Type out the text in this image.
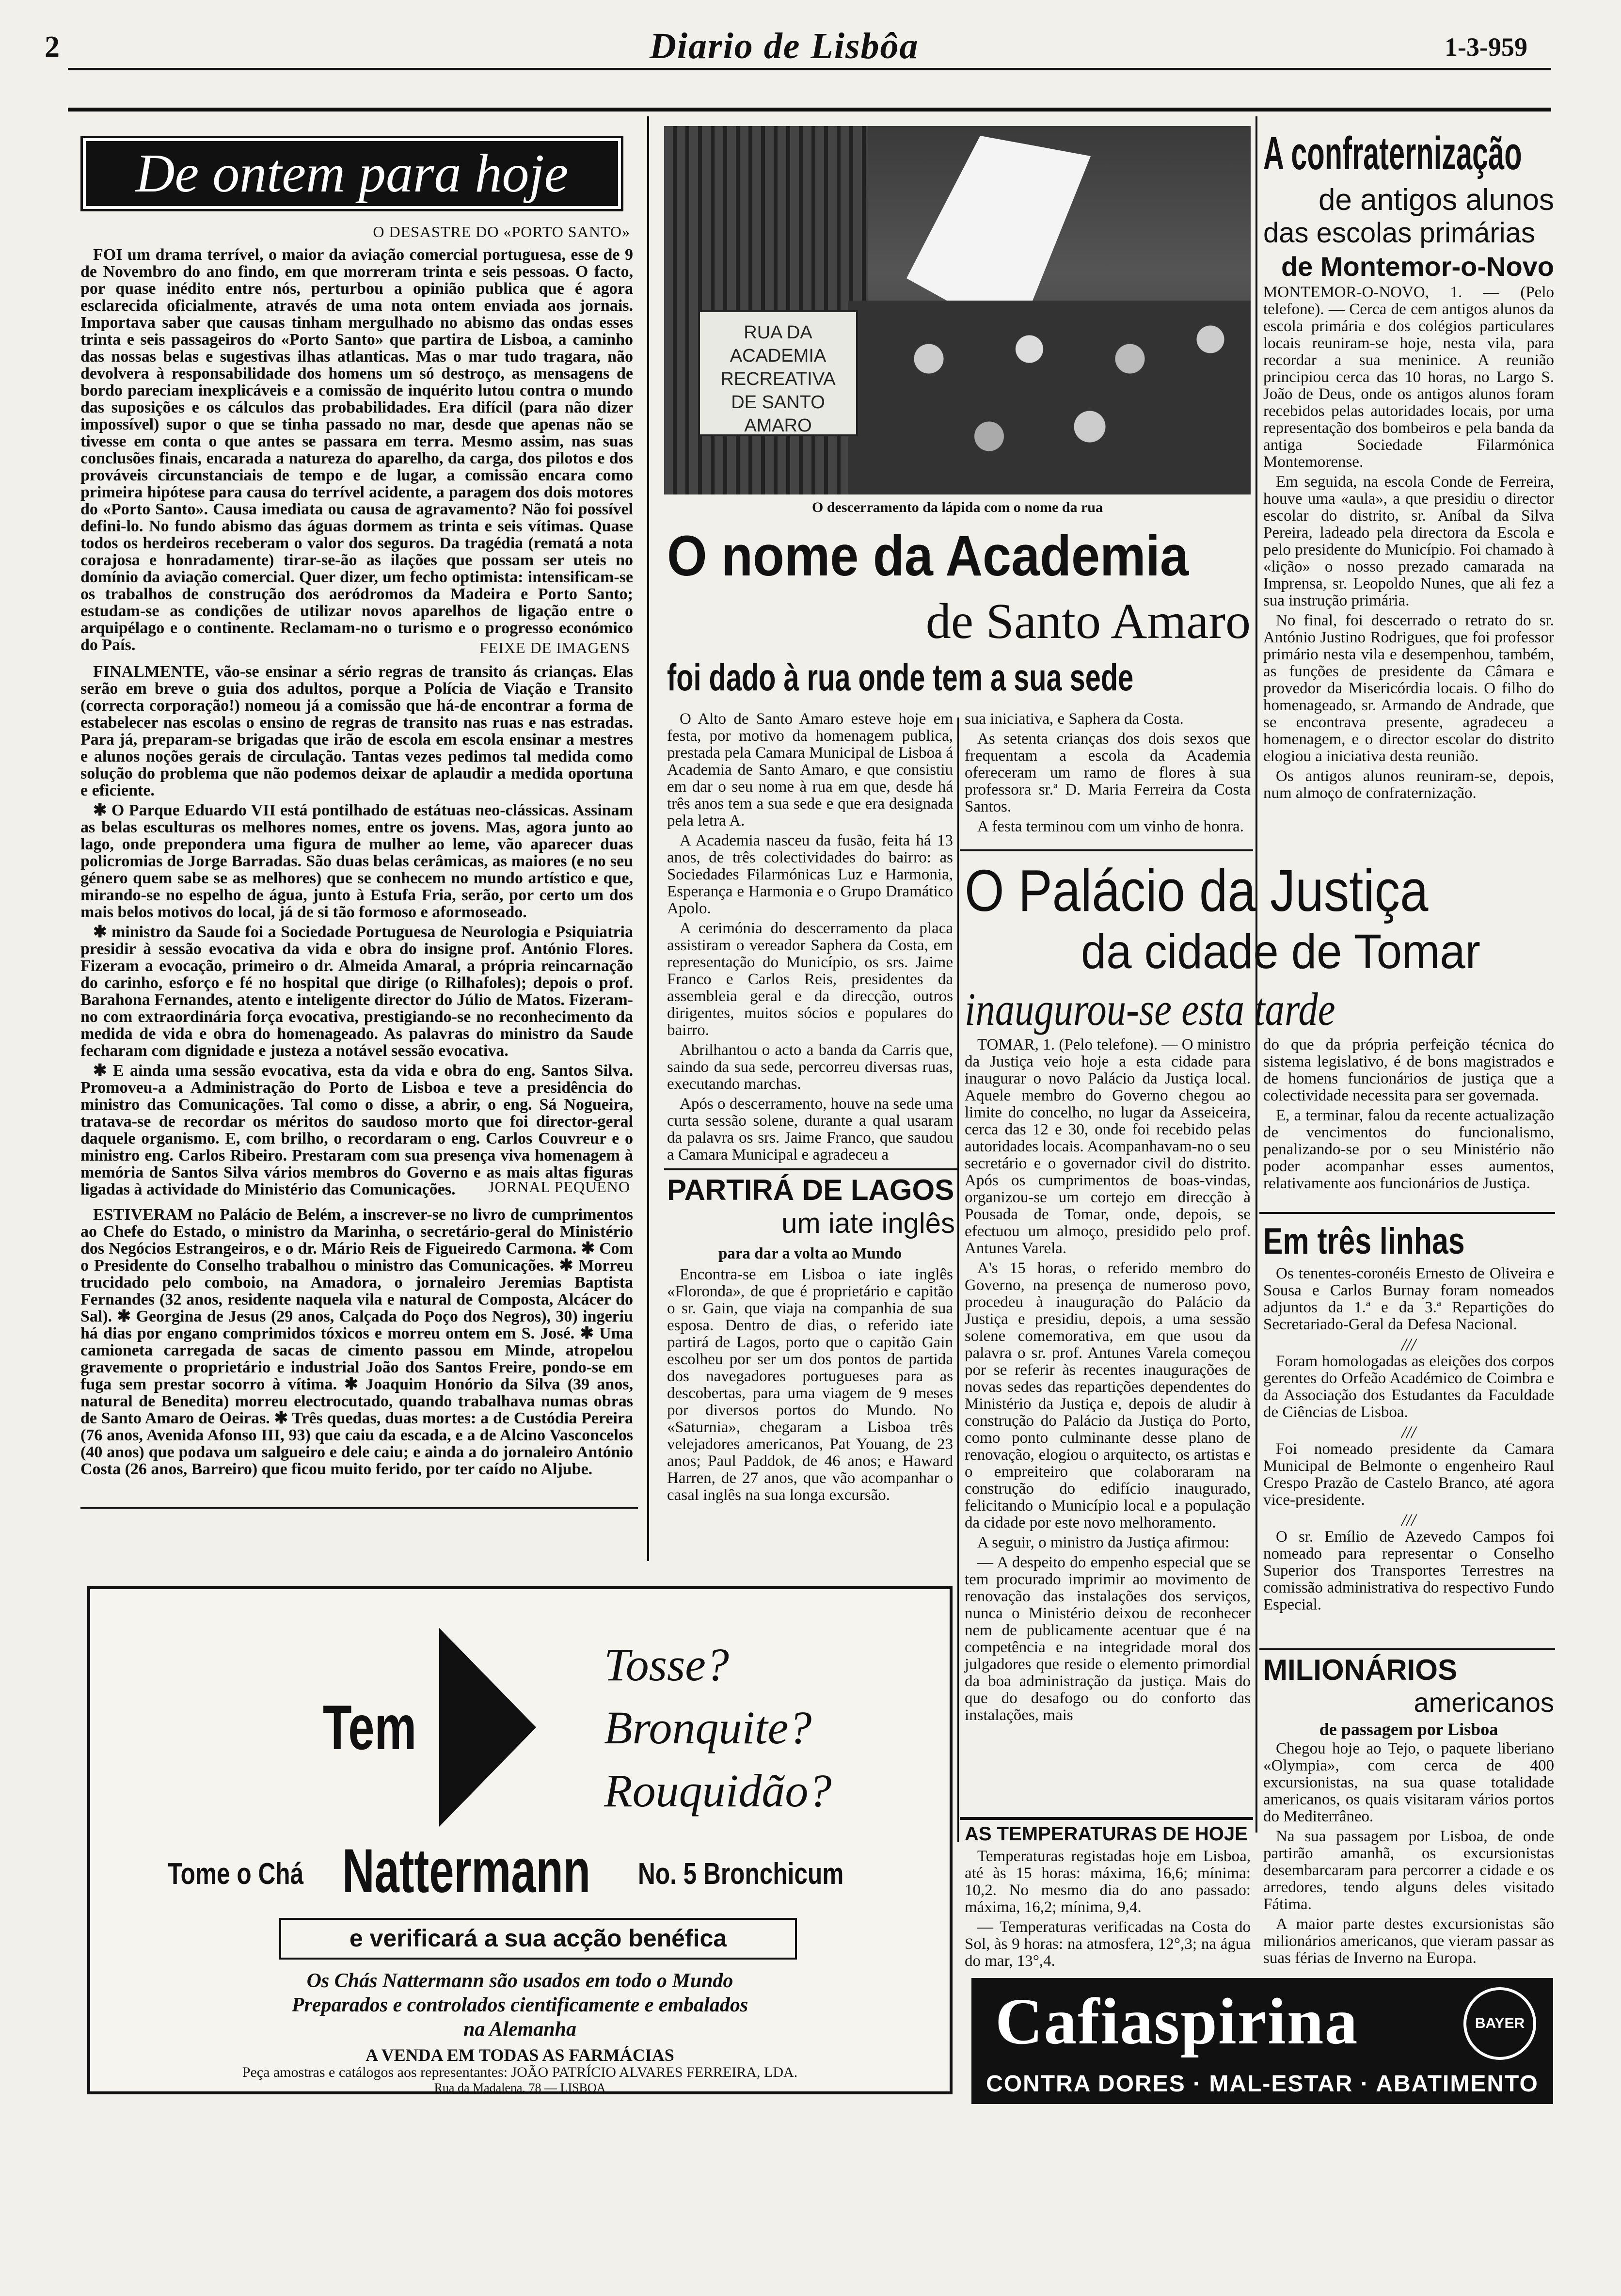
2	Diario de Lisbôa	1-3-959
De ontem para hoje
O DESASTRE DO «PORTO SANTO»

FOI um drama terrível, o maior da aviação comercial portuguesa, esse de 9 de Novembro do ano findo, em que morreram trinta e seis pessoas. O facto, por quase inédito entre nós, perturbou a opinião publica que é agora esclarecida oficialmente, através de uma nota ontem enviada aos jornais. Importava saber que causas tinham mergulhado no abismo das ondas esses trinta e seis passageiros do «Porto Santo» que partira de Lisboa, a caminho das nossas belas e sugestivas ilhas atlanticas. Mas o mar tudo tragara, não devolvera à responsabilidade dos homens um só destroço, as mensagens de bordo pareciam inexplicáveis e a comissão de inquérito lutou contra o mundo das suposições e os cálculos das probabilidades. Era difícil (para não dizer impossível) supor o que se tinha passado no mar, desde que apenas não se tivesse em conta o que antes se passara em terra. Mesmo assim, nas suas conclusões finais, encarada a natureza do aparelho, da carga, dos pilotos e dos prováveis circunstanciais de tempo e de lugar, a comissão encara como primeira hipótese para causa do terrível acidente, a paragem dos dois motores do «Porto Santo». Causa imediata ou causa de agravamento? Não foi possível defini-lo. No fundo abismo das águas dormem as trinta e seis vítimas. Quase todos os herdeiros receberam o valor dos seguros. Da tragédia (rematá a nota corajosa e honradamente) tirar-se-ão as ilações que possam ser uteis no domínio da aviação comercial. Quer dizer, um fecho optimista: intensificam-se os trabalhos de construção dos aeródromos da Madeira e Porto Santo; estudam-se as condições de utilizar novos aparelhos de ligação entre o arquipélago e o continente. Reclamam-no o turismo e o progresso económico do País.	FEIXE DE IMAGENS

FINALMENTE, vão-se ensinar a sério regras de transito ás crianças. Elas serão em breve o guia dos adultos, porque a Polícia de Viação e Transito (correcta corporação!) nomeou já a comissão que há-de encontrar a forma de estabelecer nas escolas o ensino de regras de transito nas ruas e nas estradas. Para já, preparam-se brigadas que irão de escola em escola ensinar a mestres e alunos noções gerais de circulação. Tantas vezes pedimos tal medida como solução do problema que não podemos deixar de aplaudir a medida oportuna e eficiente.

✱ O Parque Eduardo VII está pontilhado de estátuas neo-clássicas. Assinam as belas esculturas os melhores nomes, entre os jovens. Mas, agora junto ao lago, onde prepondera uma figura de mulher ao leme, vão aparecer duas policromias de Jorge Barradas. São duas belas cerâmicas, as maiores (e no seu género quem sabe se as melhores) que se conhecem no mundo artístico e que, mirando-se no espelho de água, junto à Estufa Fria, serão, por certo um dos mais belos motivos do local, já de si tão formoso e aformoseado.

✱ ministro da Saude foi a Sociedade Portuguesa de Neurologia e Psiquiatria presidir à sessão evocativa da vida e obra do insigne prof. António Flores. Fizeram a evocação, primeiro o dr. Almeida Amaral, a própria reincarnação do carinho, esforço e fé no hospital que dirige (o Rilhafoles); depois o prof. Barahona Fernandes, atento e inteligente director do Júlio de Matos. Fizeram-no com extraordinária força evocativa, prestigiando-se no reconhecimento da medida de vida e obra do homenageado. As palavras do ministro da Saude fecharam com dignidade e justeza a notável sessão evocativa.

✱ E ainda uma sessão evocativa, esta da vida e obra do eng. Santos Silva. Promoveu-a a Administração do Porto de Lisboa e teve a presidência do ministro das Comunicações. Tal como o disse, a abrir, o eng. Sá Nogueira, tratava-se de recordar os méritos do saudoso morto que foi director-geral daquele organismo. E, com brilho, o recordaram o eng. Carlos Couvreur e o ministro eng. Carlos Ribeiro. Prestaram com sua presença viva homenagem à memória de Santos Silva vários membros do Governo e as mais altas figuras ligadas à actividade do Ministério das Comunicações.	JORNAL PEQUENO

ESTIVERAM no Palácio de Belém, a inscrever-se no livro de cumprimentos ao Chefe do Estado, o ministro da Marinha, o secretário-geral do Ministério dos Negócios Estrangeiros, e o dr. Mário Reis de Figueiredo Carmona. ✱ Com o Presidente do Conselho trabalhou o ministro das Comunicações. ✱ Morreu trucidado pelo comboio, na Amadora, o jornaleiro Jeremias Baptista Fernandes (32 anos, residente naquela vila e natural de Composta, Alcácer do Sal). ✱ Georgina de Jesus (29 anos, Calçada do Poço dos Negros), 30) ingeriu há dias por engano comprimidos tóxicos e morreu ontem em S. José. ✱ Uma camioneta carregada de sacas de cimento passou em Minde, atropelou gravemente o proprietário e industrial João dos Santos Freire, pondo-se em fuga sem prestar socorro à vítima. ✱ Joaquim Honório da Silva (39 anos, natural de Benedita) morreu electrocutado, quando trabalhava numas obras de Santo Amaro de Oeiras. ✱ Três quedas, duas mortes: a de Custódia Pereira (76 anos, Avenida Afonso III, 93) que caiu da escada, e a de Alcino Vasconcelos (40 anos) que podava um salgueiro e dele caiu; e ainda a do jornaleiro António Costa (26 anos, Barreiro) que ficou muito ferido, por ter caído no Aljube.

RUA DA ACADEMIA RECREATIVA DE SANTO AMARO
O descerramento da lápida com o nome da rua
O nome da Academia
de Santo Amaro
foi dado à rua onde tem a sua sede

O Alto de Santo Amaro esteve hoje em festa, por motivo da homenagem publica, prestada pela Camara Municipal de Lisboa á Academia de Santo Amaro, e que consistiu em dar o seu nome à rua em que, desde há três anos tem a sua sede e que era designada pela letra A.

A Academia nasceu da fusão, feita há 13 anos, de três colectividades do bairro: as Sociedades Filarmónicas Luz e Harmonia, Esperança e Harmonia e o Grupo Dramático Apolo.

A cerimónia do descerramento da placa assistiram o vereador Saphera da Costa, em representação do Município, os srs. Jaime Franco e Carlos Reis, presidentes da assembleia geral e da direcção, outros dirigentes, muitos sócios e populares do bairro.

Abrilhantou o acto a banda da Carris que, saindo da sua sede, percorreu diversas ruas, executando marchas.

Após o descerramento, houve na sede uma curta sessão solene, durante a qual usaram da palavra os srs. Jaime Franco, que saudou a Camara Municipal e agradeceu a

sua iniciativa, e Saphera da Costa.

As setenta crianças dos dois sexos que frequentam a escola da Academia ofereceram um ramo de flores à sua professora sr.ª D. Maria Ferreira da Costa Santos.

A festa terminou com um vinho de honra.

O Palácio da Justiça
da cidade de Tomar
inaugurou-se esta tarde

TOMAR, 1. (Pelo telefone). — O ministro da Justiça veio hoje a esta cidade para inaugurar o novo Palácio da Justiça local. Aquele membro do Governo chegou ao limite do concelho, no lugar da Asseiceira, cerca das 12 e 30, onde foi recebido pelas autoridades locais. Acompanhavam-no o seu secretário e o governador civil do distrito. Após os cumprimentos de boas-vindas, organizou-se um cortejo em direcção à Pousada de Tomar, onde, depois, se efectuou um almoço, presidido pelo prof. Antunes Varela.

A's 15 horas, o referido membro do Governo, na presença de numeroso povo, procedeu à inauguração do Palácio da Justiça e presidiu, depois, a uma sessão solene comemorativa, em que usou da palavra o sr. prof. Antunes Varela começou por se referir às recentes inaugurações de novas sedes das repartições dependentes do Ministério da Justiça e, depois de aludir à construção do Palácio da Justiça do Porto, como ponto culminante desse plano de renovação, elogiou o arquitecto, os artistas e o empreiteiro que colaboraram na construção do edifício inaugurado, felicitando o Município local e a população da cidade por este novo melhoramento.

A seguir, o ministro da Justiça afirmou:

— A despeito do empenho especial que se tem procurado imprimir ao movimento de renovação das instalações dos serviços, nunca o Ministério deixou de reconhecer nem de publicamente acentuar que é na competência e na integridade moral dos julgadores que reside o elemento primordial da boa administração da justiça. Mais do que do desafogo ou do conforto das instalações, mais

do que da própria perfeição técnica do sistema legislativo, é de bons magistrados e de homens funcionários de justiça que a colectividade necessita para ser governada.

E, a terminar, falou da recente actualização de vencimentos do funcionalismo, penalizando-se por o seu Ministério não poder acompanhar esses aumentos, relativamente aos funcionários de Justiça.

PARTIRÁ DE LAGOS
um iate inglês
para dar a volta ao Mundo

Encontra-se em Lisboa o iate inglês «Floronda», de que é proprietário e capitão o sr. Gain, que viaja na companhia de sua esposa. Dentro de dias, o referido iate partirá de Lagos, porto que o capitão Gain escolheu por ser um dos pontos de partida dos navegadores portugueses para as descobertas, para uma viagem de 9 meses por diversos portos do Mundo. No «Saturnia», chegaram a Lisboa três velejadores americanos, Pat Youang, de 23 anos; Paul Paddok, de 46 anos; e Haward Harren, de 27 anos, que vão acompanhar o casal inglês na sua longa excursão.

AS TEMPERATURAS DE HOJE

Temperaturas registadas hoje em Lisboa, até às 15 horas: máxima, 16,6; mínima: 10,2. No mesmo dia do ano passado: máxima, 16,2; mínima, 9,4.

— Temperaturas verificadas na Costa do Sol, às 9 horas: na atmosfera, 12°,3; na água do mar, 13°,4.

A confraternização
de antigos alunos
das escolas primárias
de Montemor-o-Novo

MONTEMOR-O-NOVO, 1. — (Pelo telefone). — Cerca de cem antigos alunos da escola primária e dos colégios particulares locais reuniram-se hoje, nesta vila, para recordar a sua meninice. A reunião principiou cerca das 10 horas, no Largo S. João de Deus, onde os antigos alunos foram recebidos pelas autoridades locais, por uma representação dos bombeiros e pela banda da antiga Sociedade Filarmónica Montemorense.

Em seguida, na escola Conde de Ferreira, houve uma «aula», a que presidiu o director escolar do distrito, sr. Aníbal da Silva Pereira, ladeado pela directora da Escola e pelo presidente do Município. Foi chamado à «lição» o nosso prezado camarada na Imprensa, sr. Leopoldo Nunes, que ali fez a sua instrução primária.

No final, foi descerrado o retrato do sr. António Justino Rodrigues, que foi professor primário nesta vila e desempenhou, também, as funções de presidente da Câmara e provedor da Misericórdia locais. O filho do homenageado, sr. Armando de Andrade, que se encontrava presente, agradeceu a homenagem, e o director escolar do distrito elogiou a iniciativa desta reunião.

Os antigos alunos reuniram-se, depois, num almoço de confraternização.

Em três linhas

Os tenentes-coronéis Ernesto de Oliveira e Sousa e Carlos Burnay foram nomeados adjuntos da 1.ª e da 3.ª Repartições do Secretariado-Geral da Defesa Nacional.

///

Foram homologadas as eleições dos corpos gerentes do Orfeão Académico de Coimbra e da Associação dos Estudantes da Faculdade de Ciências de Lisboa.

///

Foi nomeado presidente da Camara Municipal de Belmonte o engenheiro Raul Crespo Prazão de Castelo Branco, até agora vice-presidente.

///

O sr. Emílio de Azevedo Campos foi nomeado para representar o Conselho Superior dos Transportes Terrestres na comissão administrativa do respectivo Fundo Especial.

MILIONÁRIOS
americanos
de passagem por Lisboa

Chegou hoje ao Tejo, o paquete liberiano «Olympia», com cerca de 400 excursionistas, na sua quase totalidade americanos, os quais visitaram vários portos do Mediterrâneo.

Na sua passagem por Lisboa, de onde partirão amanhã, os excursionistas desembarcaram para percorrer a cidade e os arredores, tendo alguns deles visitado Fátima.

A maior parte destes excursionistas são milionários americanos, que vieram passar as suas férias de Inverno na Europa.

Tem
Tosse?
Bronquite?
Rouquidão?
Tome o Chá Nattermann No. 5 Bronchicum
e verificará a sua acção benéfica
Os Chás Nattermann são usados em todo o Mundo
Preparados e controlados cientificamente e embalados
na Alemanha
A VENDA EM TODAS AS FARMÁCIAS
Peça amostras e catálogos aos representantes: JOÃO PATRÍCIO ALVARES FERREIRA, LDA.
Rua da Madalena, 78 — LISBOA
Cafiaspirina	BAYER
CONTRA DORES · MAL-ESTAR · ABATIMENTO
